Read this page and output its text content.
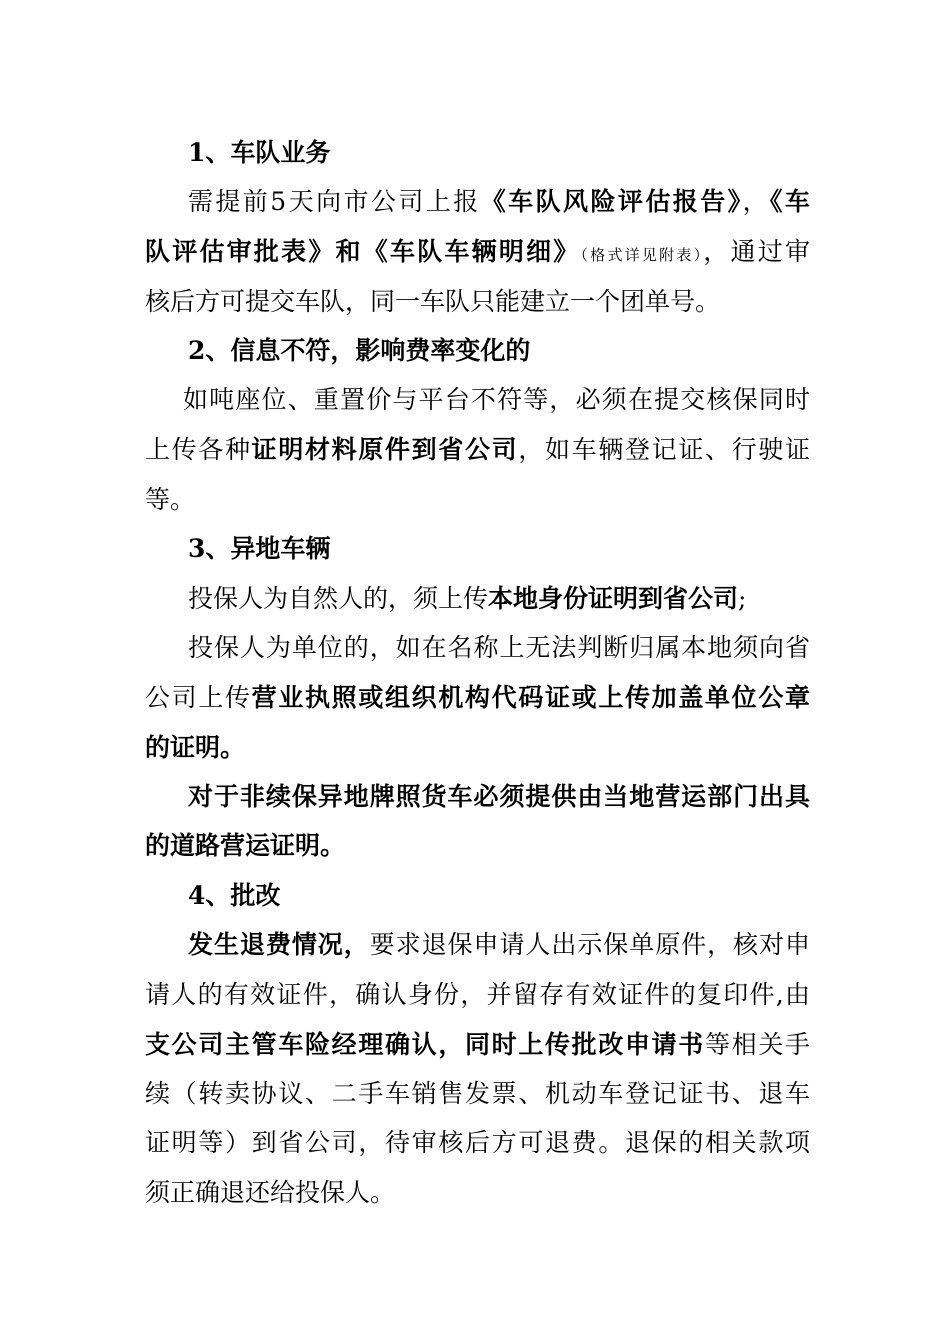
1、车队业务
需提前5天向市公司上报《车队风险评估报告》，《车
队评估审批表》和《车队车辆明细》（格式详见附表），通过审
核后方可提交车队，同一车队只能建立一个团单号。
2、信息不符，影响费率变化的
如吨座位、重置价与平台不符等，必须在提交核保同时
上传各种证明材料原件到省公司，如车辆登记证、行驶证
等。
3、异地车辆
投保人为自然人的，须上传本地身份证明到省公司;
投保人为单位的，如在名称上无法判断归属本地须向省
公司上传营业执照或组织机构代码证或上传加盖单位公章
的证明。
对于非续保异地牌照货车必须提供由当地营运部门出具
的道路营运证明。
4、批改
发生退费情况，要求退保申请人出示保单原件，核对申
请人的有效证件，确认身份，并留存有效证件的复印件,由
支公司主管车险经理确认，同时上传批改申请书等相关手
续（转卖协议、二手车销售发票、机动车登记证书、退车
证明等）到省公司，待审核后方可退费。退保的相关款项
须正确退还给投保人。
